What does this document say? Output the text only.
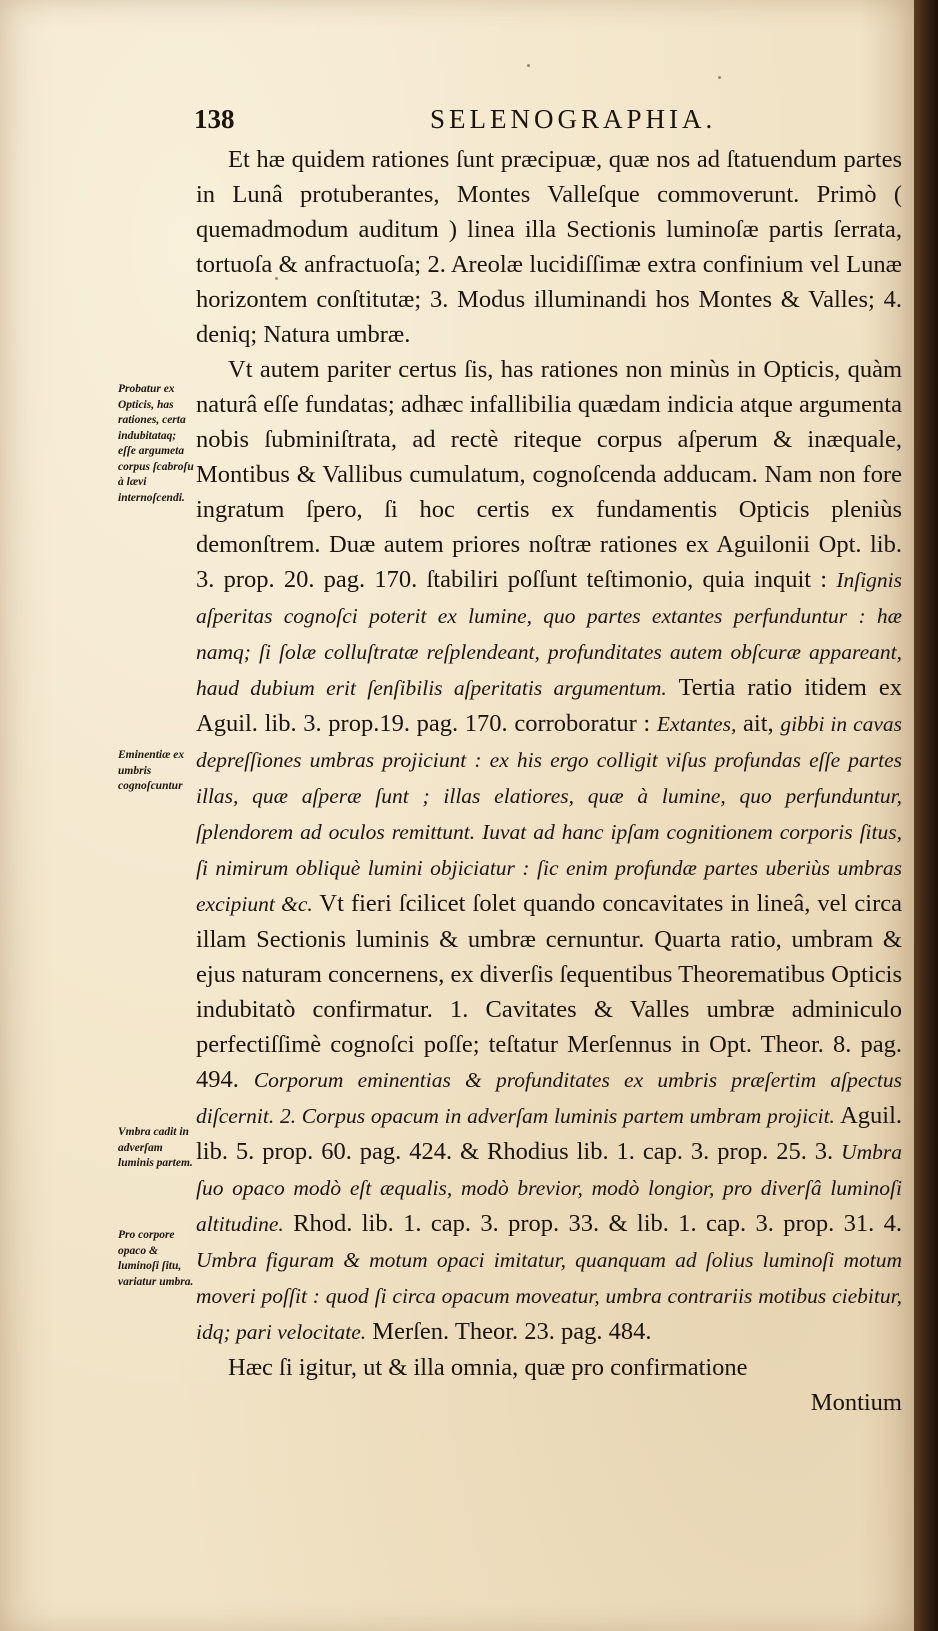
138	SELENOGRAPHIA.

Et hæ quidem rationes ſunt præcipuæ, quæ nos ad ſtatuendum partes in Lunâ protuberantes, Montes Valleſque commoverunt. Primò ( quemadmodum auditum ) linea illa Sectionis luminoſæ partis ſerrata, tortuoſa & anfractuoſa; 2. Areolæ lucidiſſimæ extra confinium vel Lunæ horizontem conſtitutæ; 3. Modus illuminandi hos Montes & Valles; 4. deniq; Natura umbræ.

Vt autem pariter certus ſis, has rationes non minùs in Opticis, quàm naturâ eſſe fundatas; adhæc infallibilia quædam indicia atque argumenta nobis ſubminiſtrata, ad rectè riteque corpus aſperum & inæquale, Montibus & Vallibus cumulatum, cognoſcenda adducam. Nam non fore ingratum ſpero, ſi hoc certis ex fundamentis Opticis pleniùs demonſtrem. Duæ autem priores noſtræ rationes ex Aguilonii Opt. lib. 3. prop. 20. pag. 170. ſtabiliri poſſunt teſtimonio, quia inquit : Inſignis aſperitas cognoſci poterit ex lumine, quo partes extantes perfunduntur : hæ namq; ſi ſolæ colluſtratæ reſplendeant, profunditates autem obſcuræ appareant, haud dubium erit ſenſibilis aſperitatis argumentum. Tertia ratio itidem ex Aguil. lib. 3. prop.19. pag. 170. corroboratur : Extantes, ait, gibbi in cavas depreſſiones umbras projiciunt : ex his ergo colligit viſus profundas eſſe partes illas, quæ aſperæ ſunt ; illas elatiores, quæ à lumine, quo perfunduntur, ſplendorem ad oculos remittunt. Iuvat ad hanc ipſam cognitionem corporis ſitus, ſi nimirum obliquè lumini objiciatur : ſic enim profundæ partes uberiùs umbras excipiunt &c. Vt fieri ſcilicet ſolet quando concavitates in lineâ, vel circa illam Sectionis luminis & umbræ cernuntur. Quarta ratio, umbram & ejus naturam concernens, ex diverſis ſequentibus Theorematibus Opticis indubitatò confirmatur. 1. Cavitates & Valles umbræ adminiculo perfectiſſimè cognoſci poſſe; teſtatur Merſennus in Opt. Theor. 8. pag. 494. Corporum eminentias & profunditates ex umbris præſertim aſpectus diſcernit. 2. Corpus opacum in adverſam luminis partem umbram projicit. Aguil. lib. 5. prop. 60. pag. 424. & Rhodius lib. 1. cap. 3. prop. 25. 3. Umbra ſuo opaco modò eſt æqualis, modò brevior, modò longior, pro diverſâ luminoſi altitudine. Rhod. lib. 1. cap. 3. prop. 33. & lib. 1. cap. 3. prop. 31. 4. Umbra figuram & motum opaci imitatur, quanquam ad ſolius luminoſi motum moveri poſſit : quod ſi circa opacum moveatur, umbra contrariis motibus ciebitur, idq; pari velocitate. Merſen. Theor. 23. pag. 484.

Hæc ſi igitur, ut & illa omnia, quæ pro confirmatione

Montium

Probatur ex Opticis, has rationes, certa indubitataq; eſſe argumeta corpus ſcabroſu à lævi internoſcendi.
Eminentiæ ex umbris cognoſcuntur
Vmbra cadit in adverſam luminis partem.
Pro corpore opaco & luminoſi ſitu, variatur umbra.
